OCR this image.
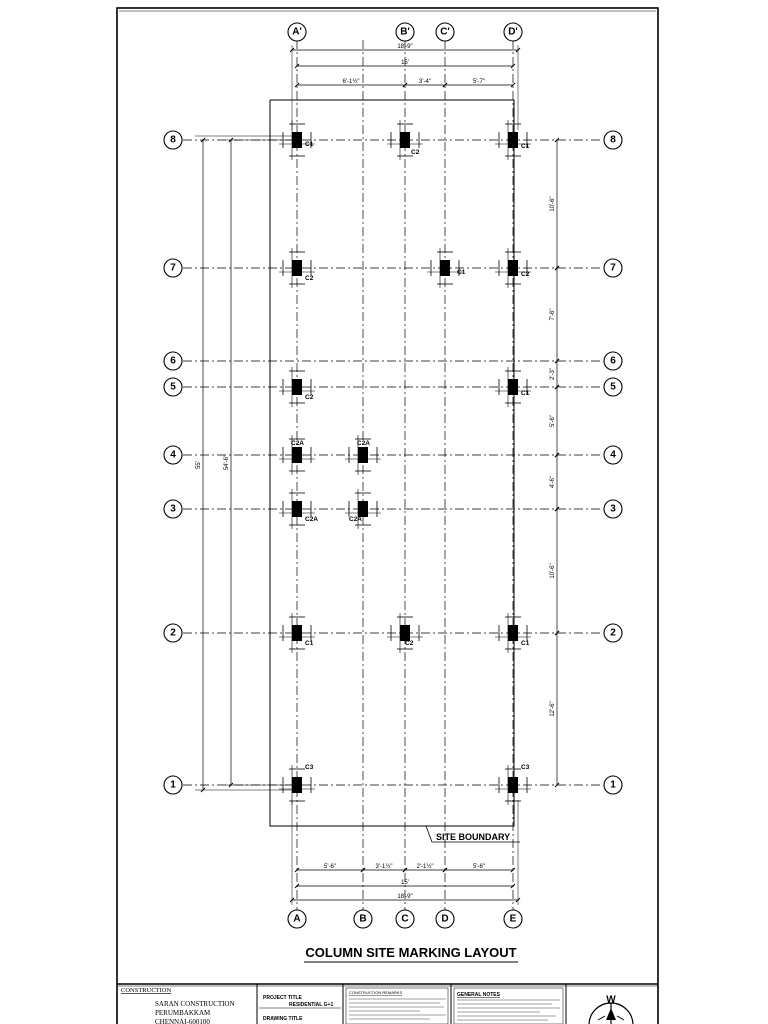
A'	B'	C'	D'
A	B	C	D	E
8	8
7	7
6	6
5	5
4	4
3	3
2	2
1	1
18'-9"
15'
6'-1½"	3'-4"	5'-7"
5'-6"	3'-1½"	2'-1½"	5'-6"
15'
18'-9"
10'-6"
7'-6"
2'-3"
5'-6"
4'-6"
10'-6"
12'-6"
55'	54'-6"
C1
C2
C1
C2
C1	C2
C2
C1
C2A	C2A
C2A	C2A
C1	C2	C1
C3	C3
SITE BOUNDARY
COLUMN SITE MARKING LAYOUT
CONSTRUCTION
SARAN CONSTRUCTION
PERUMBAKKAM
CHENNAI-600100
PROJECT TITLE
RESIDENTIAL G+1
DRAWING TITLE
CONSTRUCTION REMARKS	GENERAL NOTES	W
